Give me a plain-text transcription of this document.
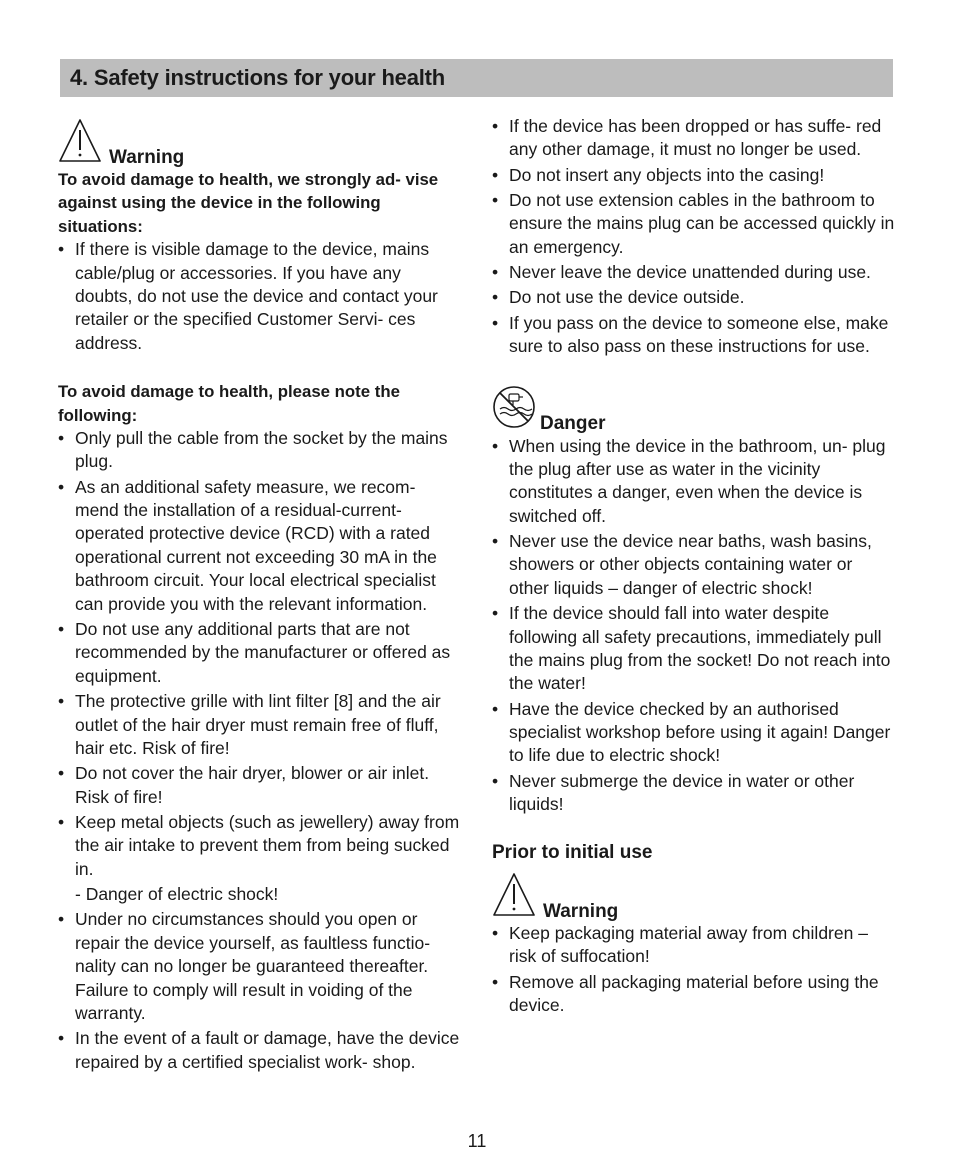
4. Safety instructions for your health
Warning
To avoid damage to health, we strongly ad- vise against using the device in the following situations:
• If there is visible damage to the device, mains cable/plug or accessories. If you have any doubts, do not use the device and contact your retailer or the specified Customer Servi- ces address.
To avoid damage to health, please note the following:
• Only pull the cable from the socket by the mains plug.
• As an additional safety measure, we recom- mend the installation of a residual-current- operated protective device (RCD) with a rated operational current not exceeding 30 mA in the bathroom circuit. Your local electrical specialist can provide you with the relevant information.
• Do not use any additional parts that are not recommended by the manufacturer or offered as equipment.
• The protective grille with lint filter [8] and the air outlet of the hair dryer must remain free of fluff, hair etc. Risk of fire!
• Do not cover the hair dryer, blower or air inlet. Risk of fire!
• Keep metal objects (such as jewellery) away from the air intake to prevent them from being sucked in.
- Danger of electric shock!
• Under no circumstances should you open or repair the device yourself, as faultless functio- nality can no longer be guaranteed thereafter. Failure to comply will result in voiding of the warranty.
• In the event of a fault or damage, have the device repaired by a certified specialist work- shop.
• If the device has been dropped or has suffe- red any other damage, it must no longer be used.
• Do not insert any objects into the casing!
• Do not use extension cables in the bathroom to ensure the mains plug can be accessed quickly in an emergency.
• Never leave the device unattended during use.
• Do not use the device outside.
• If you pass on the device to someone else, make sure to also pass on these instructions for use.
Danger
• When using the device in the bathroom, un- plug the plug after use as water in the vicinity constitutes a danger, even when the device is switched off.
• Never use the device near baths, wash basins, showers or other objects containing water or other liquids – danger of electric shock!
• If the device should fall into water despite following all safety precautions, immediately pull the mains plug from the socket! Do not reach into the water!
• Have the device checked by an authorised specialist workshop before using it again! Danger to life due to electric shock!
• Never submerge the device in water or other liquids!
Prior to initial use
Warning
• Keep packaging material away from children – risk of suffocation!
• Remove all packaging material before using the device.
11
